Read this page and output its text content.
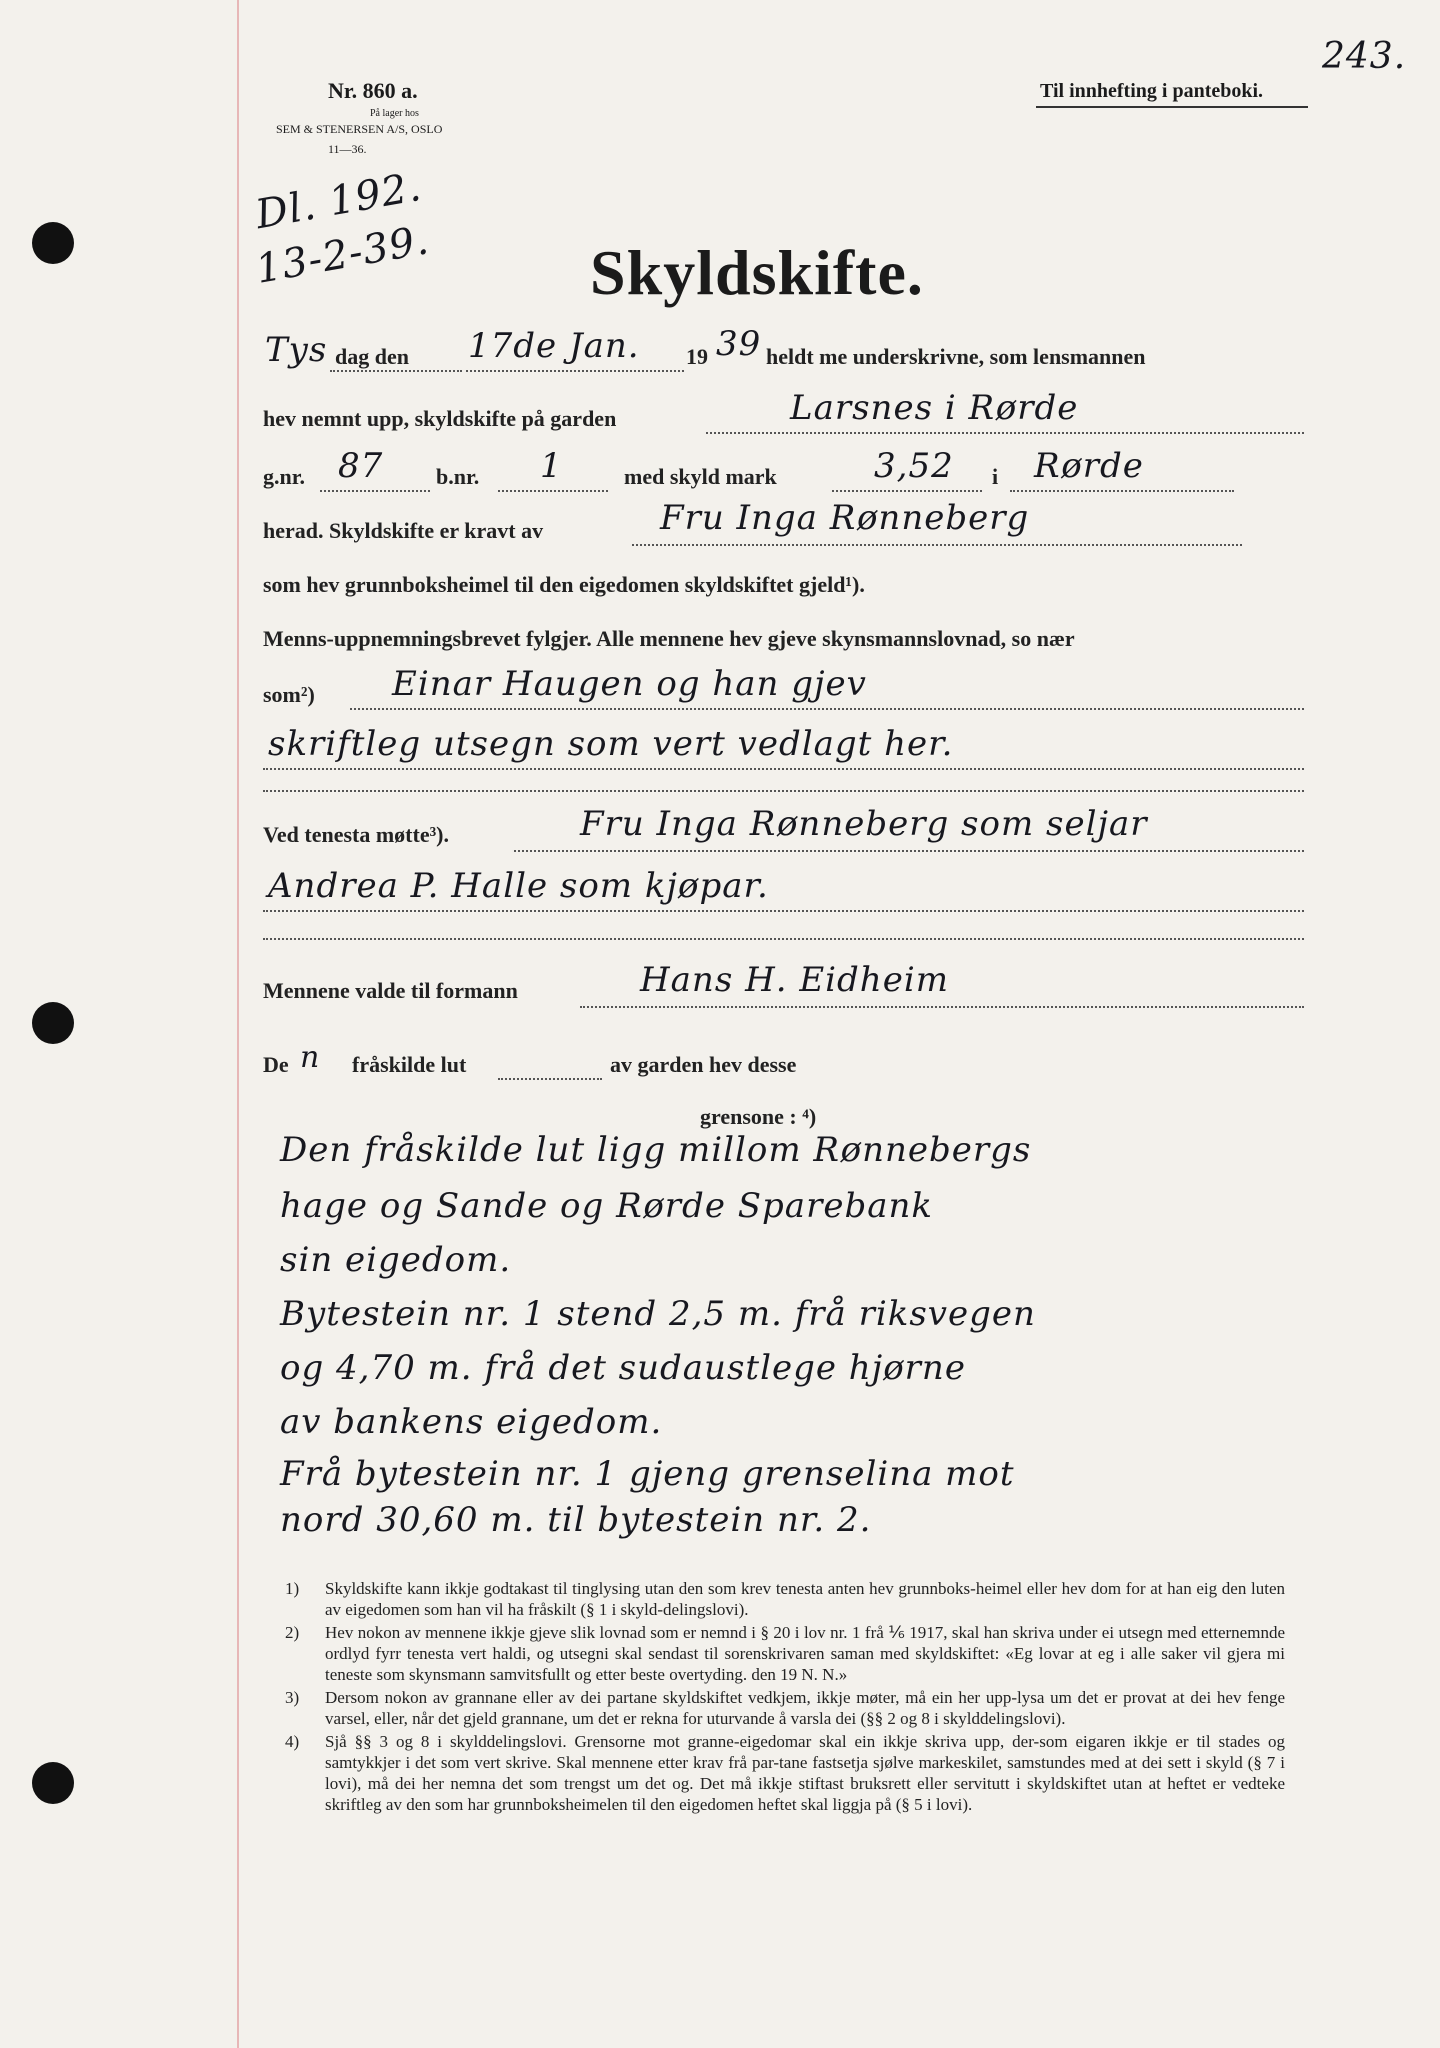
Nr. 860 a.
På lager hos
SEM & STENERSEN A/S, OSLO
11—36.
Til innhefting i panteboki.
243.
Dl. 192.
13-2-39. Skyldskifte.
Tys dag den 17de Jan. 19 39 heldt me underskrivne, som lensmannen
hev nemnt upp, skyldskifte på garden	Larsnes i Rørde
g.nr. 87 b.nr. 1	med skyld mark	3,52 i Rørde
herad. Skyldskifte er kravt av	Fru Inga Rønneberg
som hev grunnboksheimel til den eigedomen skyldskiftet gjeld¹).
Menns-uppnemningsbrevet fylgjer. Alle mennene hev gjeve skynsmannslovnad, so nær
som²) Einar Haugen og han gjev
skriftleg utsegn som vert vedlagt her.
Ved tenesta møtte³).	Fru Inga Rønneberg som seljar
Andrea P. Halle som kjøpar.
Mennene valde til formann	Hans H. Eidheim
De n fråskilde lut	av garden hev desse
grensone : ⁴)
Den fråskilde lut ligg millom Rønnebergs
hage og Sande og Rørde Sparebank
sin eigedom.
Bytestein nr. 1 stend 2,5 m. frå riksvegen
og 4,70 m. frå det sudaustlege hjørne
av bankens eigedom.
Frå bytestein nr. 1 gjeng grenselina mot
nord 30,60 m. til bytestein nr. 2.
1)	Skyldskifte kann ikkje godtakast til tinglysing utan den som krev tenesta anten hev grunnboks-heimel eller hev dom for at han eig den luten av eigedomen som han vil ha fråskilt (§ 1 i skyld-delingslovi).
2)	Hev nokon av mennene ikkje gjeve slik lovnad som er nemnd i § 20 i lov nr. 1 frå ⅙ 1917, skal han skriva under ei utsegn med etternemnde ordlyd fyrr tenesta vert haldi, og utsegni skal sendast til sorenskrivaren saman med skyldskiftet: «Eg lovar at eg i alle saker vil gjera mi teneste som skynsmann samvitsfullt og etter beste overtyding. den 19 N. N.»
3)	Dersom nokon av grannane eller av dei partane skyldskiftet vedkjem, ikkje møter, må ein her upp-lysa um det er provat at dei hev fenge varsel, eller, når det gjeld grannane, um det er rekna for uturvande å varsla dei (§§ 2 og 8 i skylddelingslovi).
4)	Sjå §§ 3 og 8 i skylddelingslovi. Grensorne mot granne-eigedomar skal ein ikkje skriva upp, der-som eigaren ikkje er til stades og samtykkjer i det som vert skrive. Skal mennene etter krav frå par-tane fastsetja sjølve markeskilet, samstundes med at dei sett i skyld (§ 7 i lovi), må dei her nemna det som trengst um det og. Det må ikkje stiftast bruksrett eller servitutt i skyldskiftet utan at heftet er vedteke skriftleg av den som har grunnboksheimelen til den eigedomen heftet skal liggja på (§ 5 i lovi).
